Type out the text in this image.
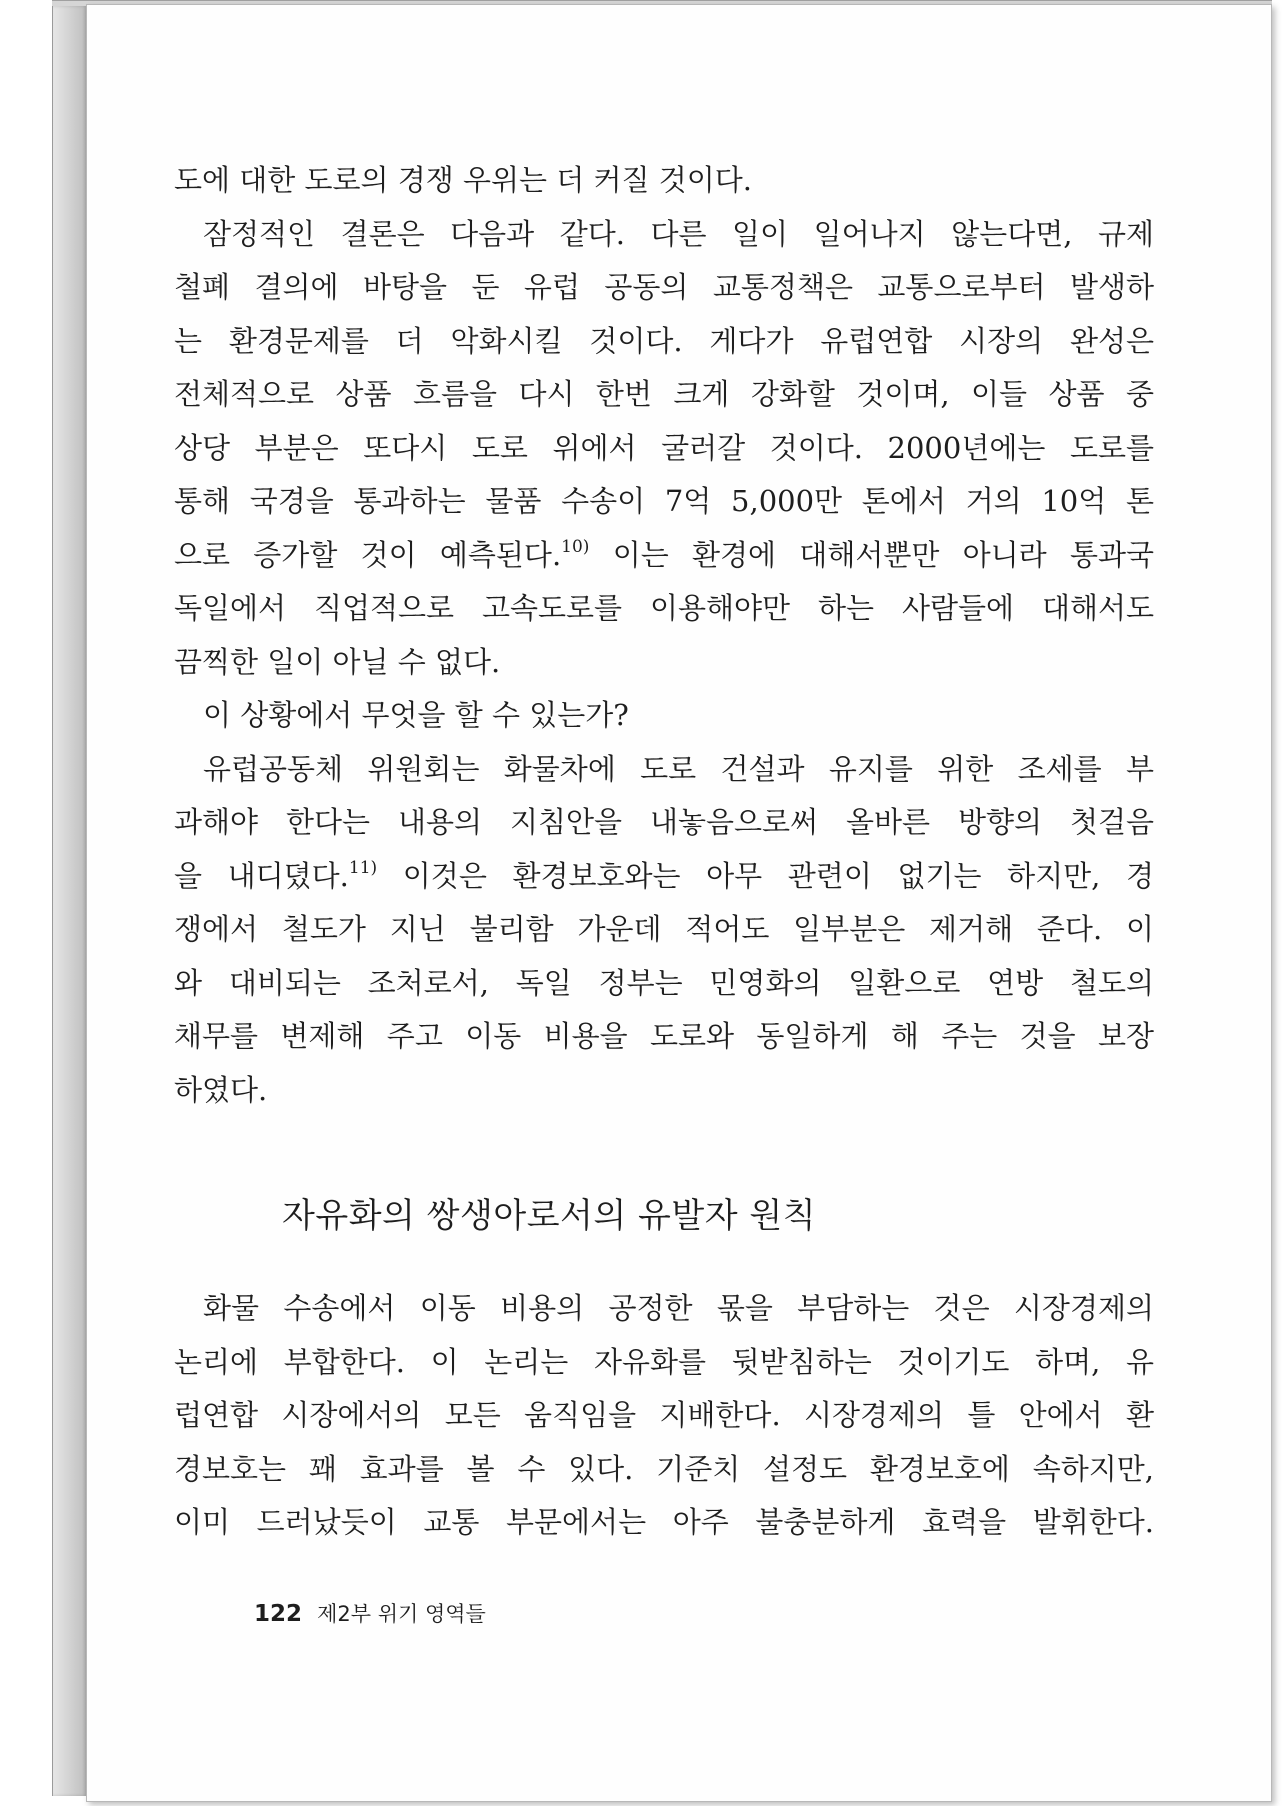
도에 대한 도로의 경쟁 우위는 더 커질 것이다.
잠정적인 결론은 다음과 같다. 다른 일이 일어나지 않는다면, 규제
철폐 결의에 바탕을 둔 유럽 공동의 교통정책은 교통으로부터 발생하
는 환경문제를 더 악화시킬 것이다. 게다가 유럽연합 시장의 완성은
전체적으로 상품 흐름을 다시 한번 크게 강화할 것이며, 이들 상품 중
상당 부분은 또다시 도로 위에서 굴러갈 것이다. 2000년에는 도로를
통해 국경을 통과하는 물품 수송이 7억 5,000만 톤에서 거의 10억 톤
으로 증가할 것이 예측된다.$^{10)}$ 이는 환경에 대해서뿐만 아니라 통과국
독일에서 직업적으로 고속도로를 이용해야만 하는 사람들에 대해서도
끔찍한 일이 아닐 수 없다.
이 상황에서 무엇을 할 수 있는가?
유럽공동체 위원회는 화물차에 도로 건설과 유지를 위한 조세를 부
과해야 한다는 내용의 지침안을 내놓음으로써 올바른 방향의 첫걸음
을 내디뎠다.$^{11)}$ 이것은 환경보호와는 아무 관련이 없기는 하지만, 경
쟁에서 철도가 지닌 불리함 가운데 적어도 일부분은 제거해 준다. 이
와 대비되는 조처로서, 독일 정부는 민영화의 일환으로 연방 철도의
채무를 변제해 주고 이동 비용을 도로와 동일하게 해 주는 것을 보장
하였다.
자유화의 쌍생아로서의 유발자 원칙
화물 수송에서 이동 비용의 공정한 몫을 부담하는 것은 시장경제의
논리에 부합한다. 이 논리는 자유화를 뒷받침하는 것이기도 하며, 유
럽연합 시장에서의 모든 움직임을 지배한다. 시장경제의 틀 안에서 환
경보호는 꽤 효과를 볼 수 있다. 기준치 설정도 환경보호에 속하지만,
이미 드러났듯이 교통 부문에서는 아주 불충분하게 효력을 발휘한다.
122 제2부 위기 영역들
